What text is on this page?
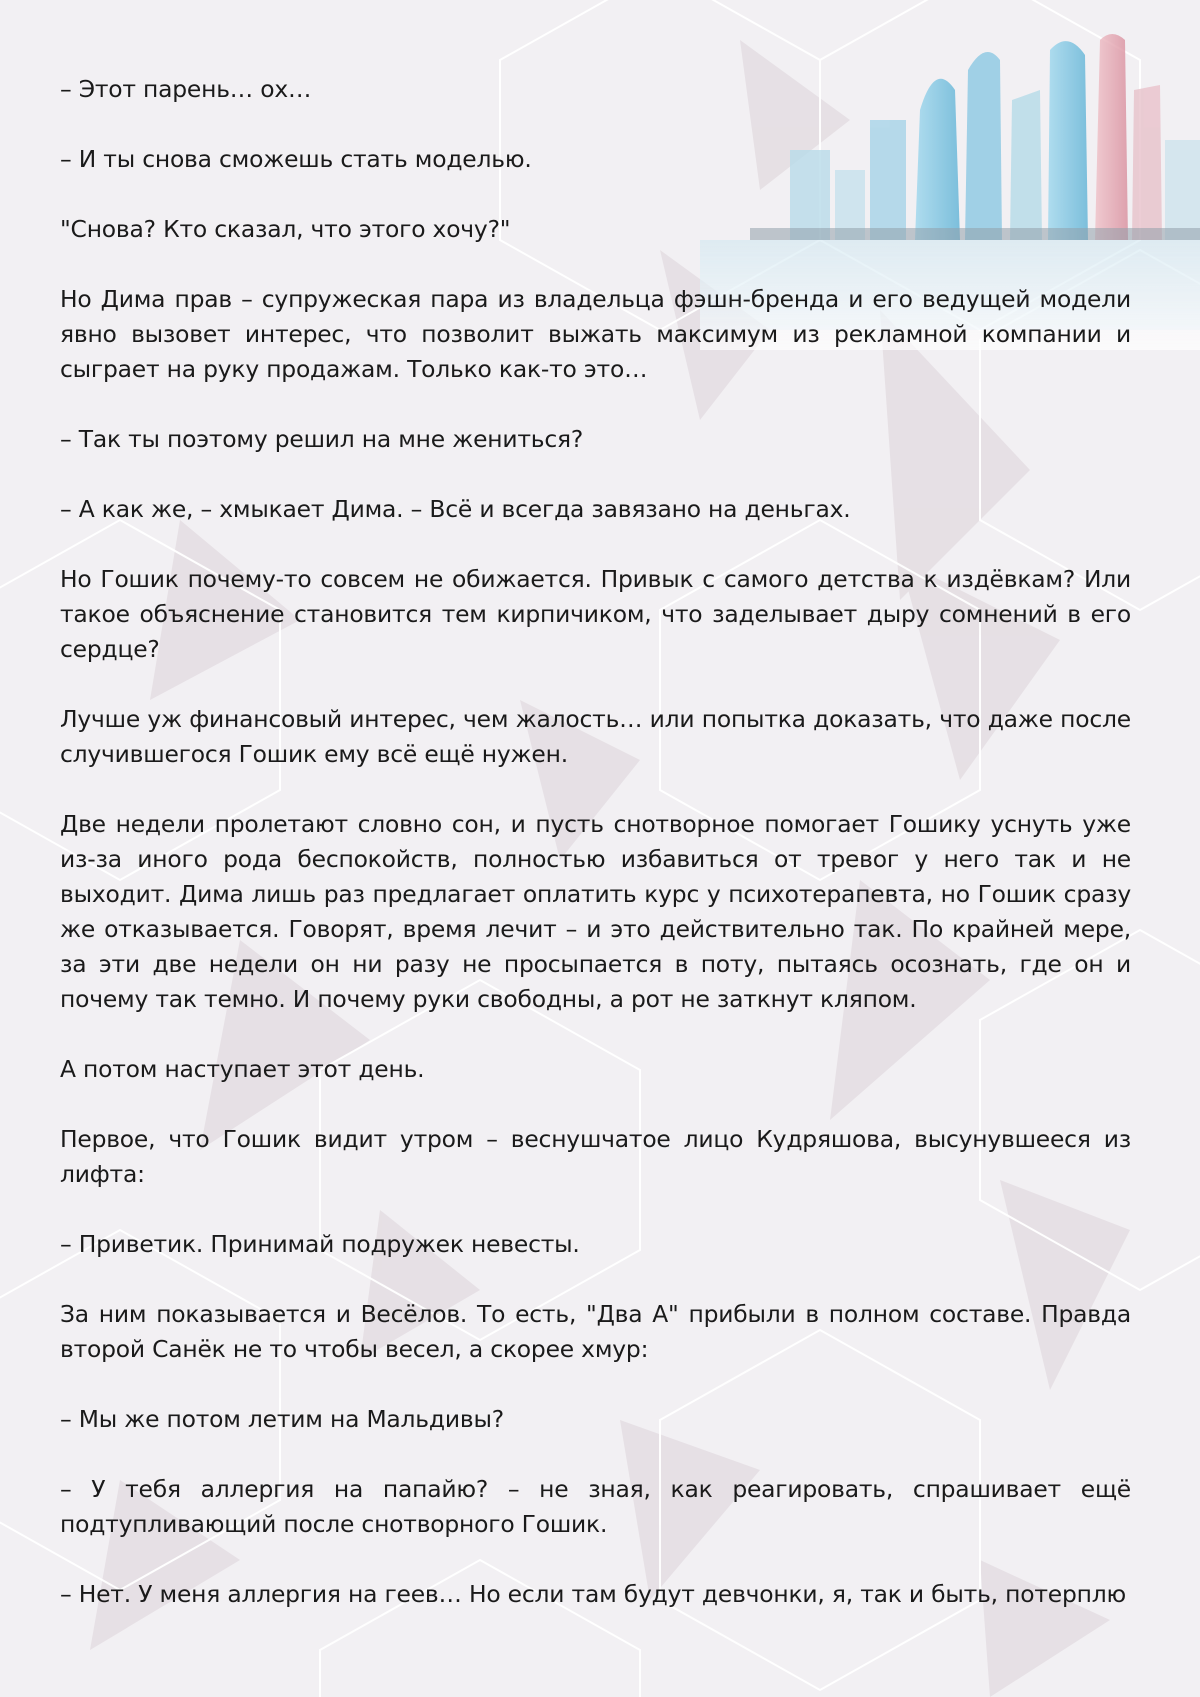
– Этот парень… ох…

– И ты снова сможешь стать моделью.

"Снова? Кто сказал, что этого хочу?"

Но Дима прав – супружеская пара из владельца фэшн-бренда и его ведущей модели явно вызовет интерес, что позволит выжать максимум из рекламной компании и сыграет на руку продажам. Только как-то это…

– Так ты поэтому решил на мне жениться?

– А как же, – хмыкает Дима. – Всё и всегда завязано на деньгах.

Но Гошик почему-то совсем не обижается. Привык с самого детства к издёвкам? Или такое объяснение становится тем кирпичиком, что заделывает дыру сомнений в его сердце?

Лучше уж финансовый интерес, чем жалость… или попытка доказать, что даже после случившегося Гошик ему всё ещё нужен.

Две недели пролетают словно сон, и пусть снотворное помогает Гошику уснуть уже из-за иного рода беспокойств, полностью избавиться от тревог у него так и не выходит. Дима лишь раз предлагает оплатить курс у психотерапевта, но Гошик сразу же отказывается. Говорят, время лечит – и это действительно так. По крайней мере, за эти две недели он ни разу не просыпается в поту, пытаясь осознать, где он и почему так темно. И почему руки свободны, а рот не заткнут кляпом.

А потом наступает этот день.

Первое, что Гошик видит утром – веснушчатое лицо Кудряшова, высунувшееся из лифта:

– Приветик. Принимай подружек невесты.

За ним показывается и Весёлов. То есть, "Два А" прибыли в полном составе. Правда второй Санёк не то чтобы весел, а скорее хмур:

– Мы же потом летим на Мальдивы?

– У тебя аллергия на папайю? – не зная, как реагировать, спрашивает ещё подтупливающий после снотворного Гошик.

– Нет. У меня аллергия на геев… Но если там будут девчонки, я, так и быть, потерплю
